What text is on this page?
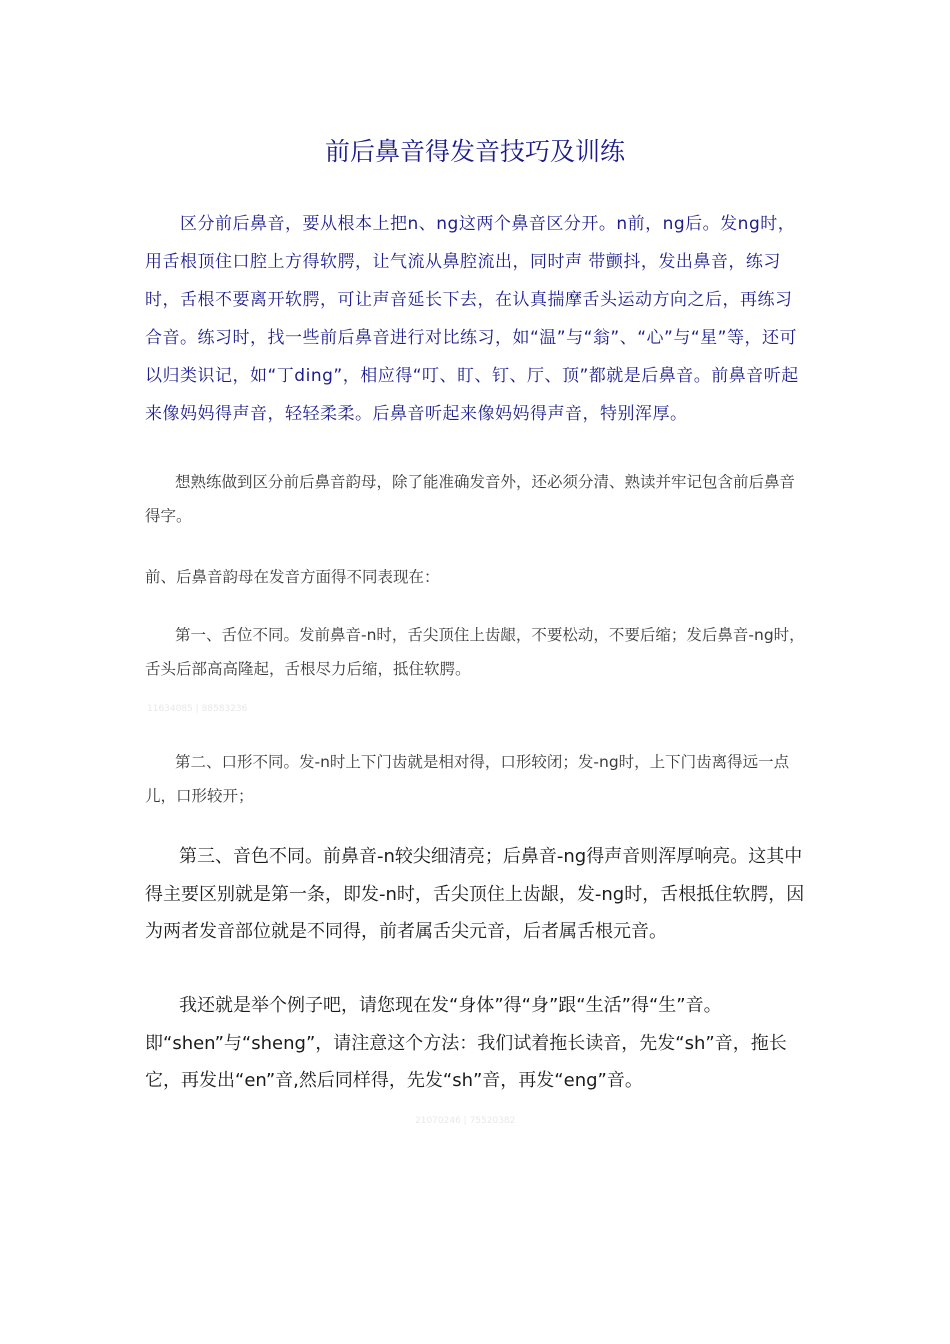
前后鼻音得发音技巧及训练

　　区分前后鼻音，要从根本上把n、ng这两个鼻音区分开。n前，ng后。发ng时，用舌根顶住口腔上方得软腭，让气流从鼻腔流出，同时声 带颤抖，发出鼻音，练习时，舌根不要离开软腭，可让声音延长下去，在认真揣摩舌头运动方向之后，再练习合音。练习时，找一些前后鼻音进行对比练习，如“温”与“翁”、“心”与“星”等，还可以归类识记，如“丁ding”，相应得“叮、盯、钉、厅、顶”都就是后鼻音。前鼻音听起来像妈妈得声音，轻轻柔柔。后鼻音听起来像妈妈得声音，特别浑厚。

想熟练做到区分前后鼻音韵母，除了能准确发音外，还必须分清、熟读并牢记包含前后鼻音得字。

前、后鼻音韵母在发音方面得不同表现在：

第一、舌位不同。发前鼻音-n时，舌尖顶住上齿龈，不要松动，不要后缩；发后鼻音-ng时，舌头后部高高隆起，舌根尽力后缩，抵住软腭。

11634085 | 88583236

第二、口形不同。发-n时上下门齿就是相对得，口形较闭；发-ng时，上下门齿离得远一点儿，口形较开；

第三、音色不同。前鼻音-n较尖细清亮；后鼻音-ng得声音则浑厚响亮。这其中得主要区别就是第一条，即发-n时，舌尖顶住上齿龈，发-ng时，舌根抵住软腭，因为两者发音部位就是不同得，前者属舌尖元音，后者属舌根元音。

我还就是举个例子吧，请您现在发“身体”得“身”跟“生活”得“生”音。即“shen”与“sheng”，请注意这个方法：我们试着拖长读音，先发“sh”音，拖长它，再发出“en”音,然后同样得，先发“sh”音，再发“eng”音。

21070246 | 75520382
